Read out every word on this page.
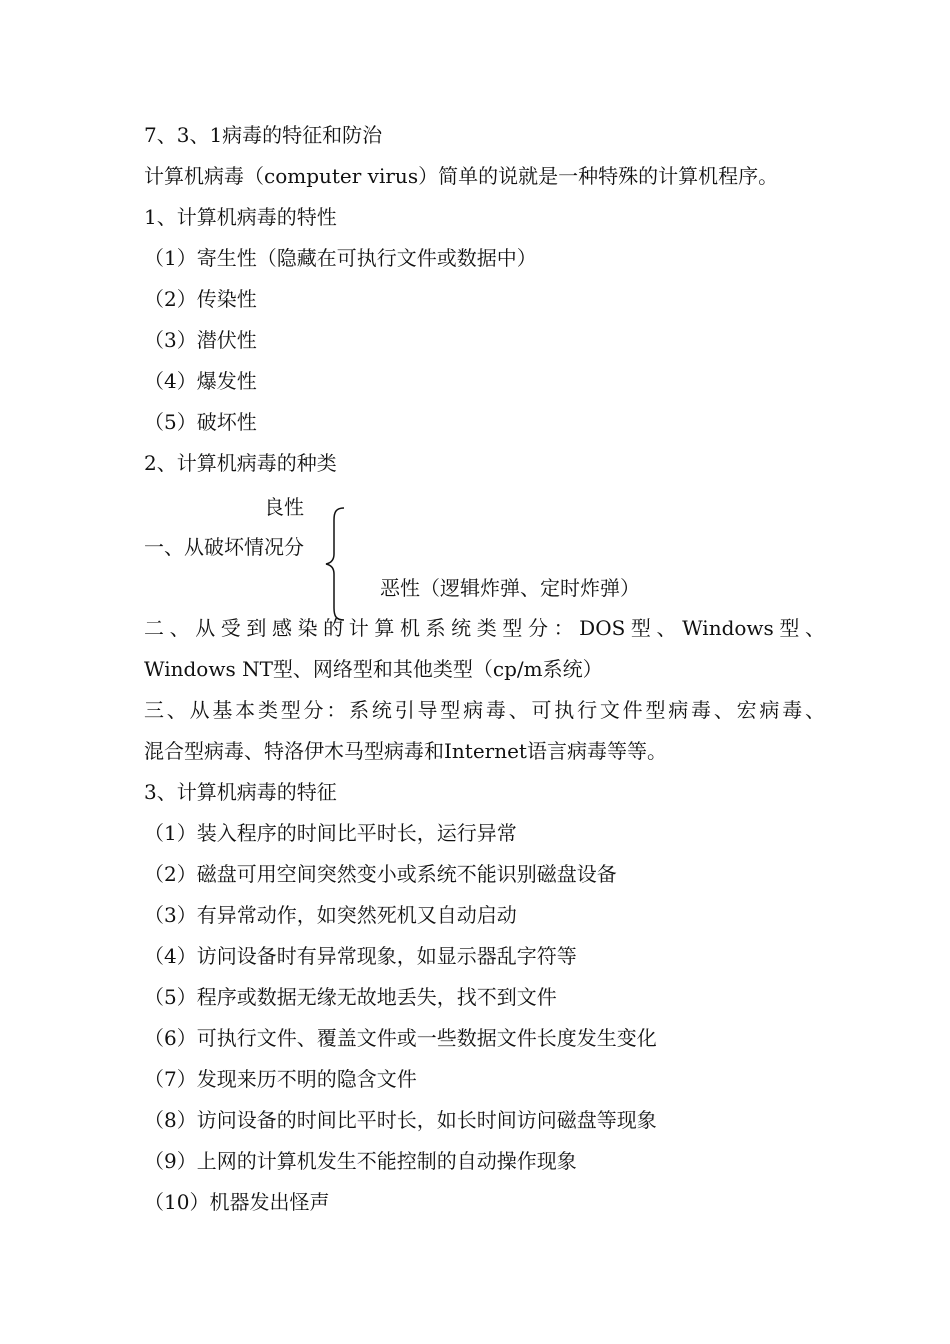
7、3、1病毒的特征和防治
计算机病毒（computer virus）简单的说就是一种特殊的计算机程序。
1、计算机病毒的特性
（1）寄生性（隐藏在可执行文件或数据中）
（2）传染性
（3）潜伏性
（4）爆发性
（5）破坏性
2、计算机病毒的种类
良性
一、从破坏情况分
恶性（逻辑炸弹、定时炸弹）
二、从受到感染的计算机系统类型分：DOS型、Windows型、
Windows NT型、网络型和其他类型（cp/m系统）
三、从基本类型分：系统引导型病毒、可执行文件型病毒、宏病毒、
混合型病毒、特洛伊木马型病毒和Internet语言病毒等等。
3、计算机病毒的特征
（1）装入程序的时间比平时长，运行异常
（2）磁盘可用空间突然变小或系统不能识别磁盘设备
（3）有异常动作，如突然死机又自动启动
（4）访问设备时有异常现象，如显示器乱字符等
（5）程序或数据无缘无故地丢失，找不到文件
（6）可执行文件、覆盖文件或一些数据文件长度发生变化
（7）发现来历不明的隐含文件
（8）访问设备的时间比平时长，如长时间访问磁盘等现象
（9）上网的计算机发生不能控制的自动操作现象
（10）机器发出怪声
